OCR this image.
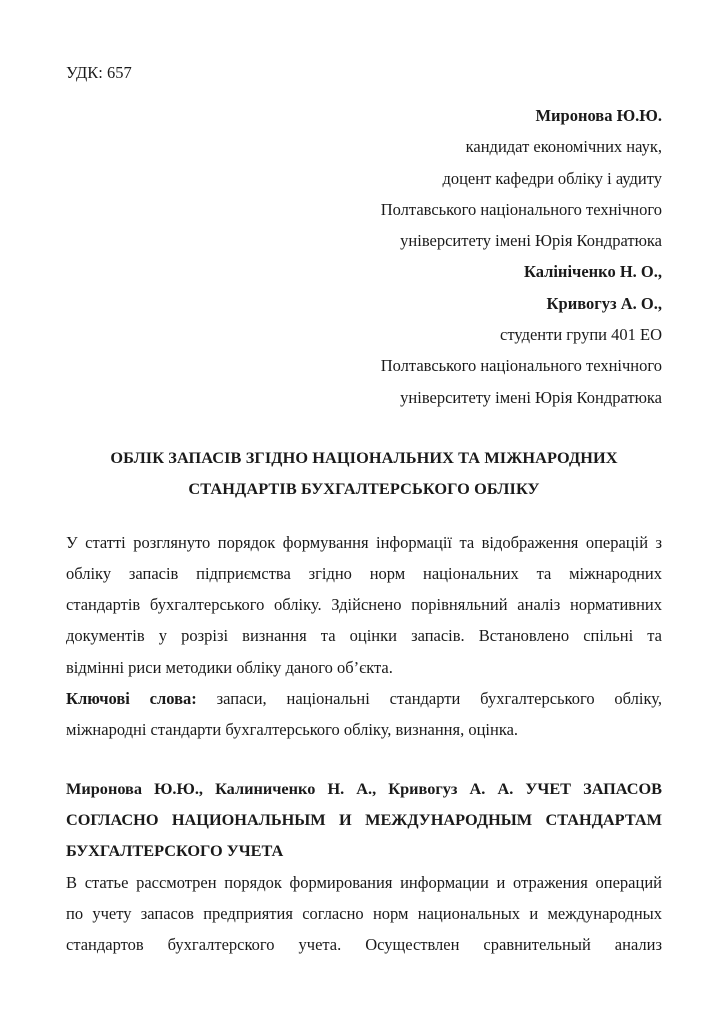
УДК: 657

Миронова Ю.Ю.
кандидат економічних наук,
доцент кафедри обліку і аудиту
Полтавського національного технічного
університету імені Юрія Кондратюка
Калініченко Н. О.,
Кривогуз А. О.,
студенти групи 401 ЕО
Полтавського національного технічного
університету імені Юрія Кондратюка
ОБЛІК ЗАПАСІВ ЗГІДНО НАЦІОНАЛЬНИХ ТА МІЖНАРОДНИХ СТАНДАРТІВ БУХГАЛТЕРСЬКОГО ОБЛІКУ
У статті розглянуто порядок формування інформації та відображення операцій з
обліку запасів підприємства згідно норм національних та міжнародних
стандартів бухгалтерського обліку. Здійснено порівняльний аналіз нормативних
документів у розрізі визнання та оцінки запасів. Встановлено спільні та
відмінні риси методики обліку даного об’єкта.
Ключові слова: запаси, національні стандарти бухгалтерського обліку,
міжнародні стандарти бухгалтерського обліку, визнання, оцінка.
Миронова Ю.Ю., Калиниченко Н. А., Кривогуз А. А. УЧЕТ ЗАПАСОВ
СОГЛАСНО НАЦИОНАЛЬНЫМ И МЕЖДУНАРОДНЫМ СТАНДАРТАМ
БУХГАЛТЕРСКОГО УЧЕТА
В статье рассмотрен порядок формирования информации и отражения операций
по учету запасов предприятия согласно норм национальных и международных
стандартов бухгалтерского учета. Осуществлен сравнительный анализ
